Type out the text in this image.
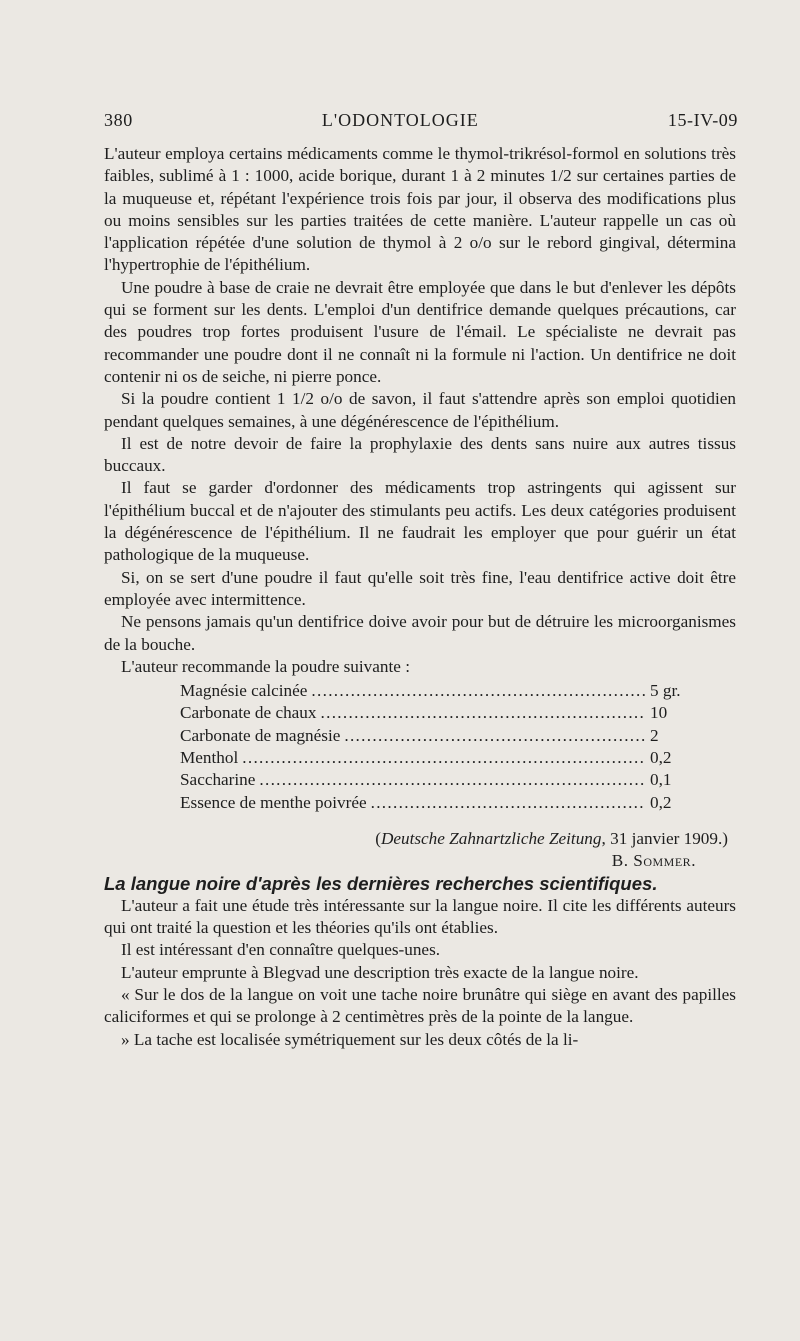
380	L'ODONTOLOGIE	15-IV-09

L'auteur employa certains médicaments comme le thymol-trikrésol-formol en solutions très faibles, sublimé à 1 : 1000, acide borique, durant 1 à 2 minutes 1/2 sur certaines parties de la muqueuse et, répétant l'expérience trois fois par jour, il observa des modifications plus ou moins sensibles sur les parties traitées de cette manière. L'auteur rappelle un cas où l'application répétée d'une solution de thymol à 2 o/o sur le rebord gingival, détermina l'hypertrophie de l'épithélium.

Une poudre à base de craie ne devrait être employée que dans le but d'enlever les dépôts qui se forment sur les dents. L'emploi d'un dentifrice demande quelques précautions, car des poudres trop fortes produisent l'usure de l'émail. Le spécialiste ne devrait pas recommander une poudre dont il ne connaît ni la formule ni l'action. Un dentifrice ne doit contenir ni os de seiche, ni pierre ponce.

Si la poudre contient 1 1/2 o/o de savon, il faut s'attendre après son emploi quotidien pendant quelques semaines, à une dégénérescence de l'épithélium.

Il est de notre devoir de faire la prophylaxie des dents sans nuire aux autres tissus buccaux.

Il faut se garder d'ordonner des médicaments trop astringents qui agissent sur l'épithélium buccal et de n'ajouter des stimulants peu actifs. Les deux catégories produisent la dégénérescence de l'épithélium. Il ne faudrait les employer que pour guérir un état pathologique de la muqueuse.

Si, on se sert d'une poudre il faut qu'elle soit très fine, l'eau dentifrice active doit être employée avec intermittence.

Ne pensons jamais qu'un dentifrice doive avoir pour but de détruire les microorganismes de la bouche.

L'auteur recommande la poudre suivante :

Magnésie calcinée .....	5 gr.
Carbonate de chaux .....	10
Carbonate de magnésie .....	2
Menthol .....	0,2
Saccharine .....	0,1
Essence de menthe poivrée .....	0,2
(Deutsche Zahnartzliche Zeitung, 31 janvier 1909.)
B. Sommer.

La langue noire d'après les dernières recherches scientifiques.

L'auteur a fait une étude très intéressante sur la langue noire. Il cite les différents auteurs qui ont traité la question et les théories qu'ils ont établies.

Il est intéressant d'en connaître quelques-unes.

L'auteur emprunte à Blegvad une description très exacte de la langue noire.

« Sur le dos de la langue on voit une tache noire brunâtre qui siège en avant des papilles caliciformes et qui se prolonge à 2 centimètres près de la pointe de la langue.

» La tache est localisée symétriquement sur les deux côtés de la li-
